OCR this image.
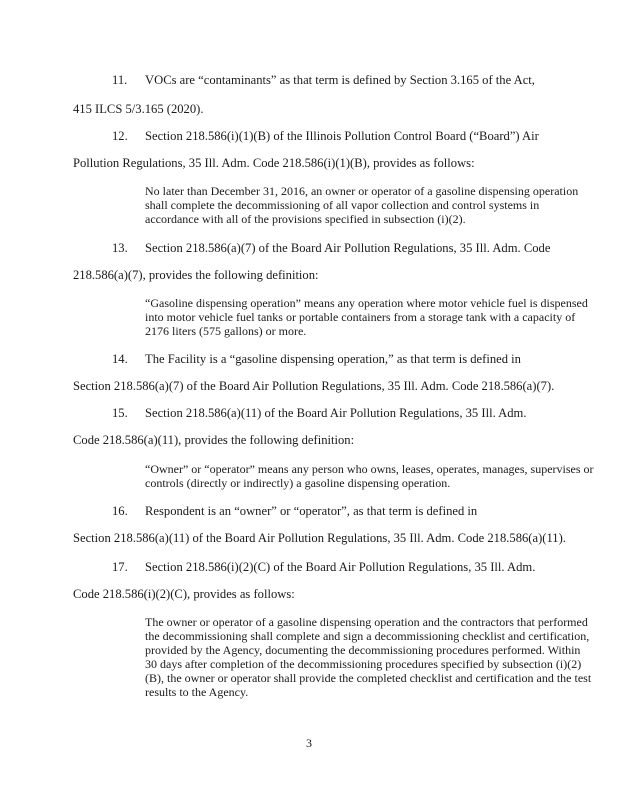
11. VOCs are “contaminants” as that term is defined by Section 3.165 of the Act,
415 ILCS 5/3.165 (2020).
12. Section 218.586(i)(1)(B) of the Illinois Pollution Control Board (“Board”) Air
Pollution Regulations, 35 Ill. Adm. Code 218.586(i)(1)(B), provides as follows:
No later than December 31, 2016, an owner or operator of a gasoline dispensing operation shall complete the decommissioning of all vapor collection and control systems in accordance with all of the provisions specified in subsection (i)(2).
13. Section 218.586(a)(7) of the Board Air Pollution Regulations, 35 Ill. Adm. Code
218.586(a)(7), provides the following definition:
“Gasoline dispensing operation” means any operation where motor vehicle fuel is dispensed into motor vehicle fuel tanks or portable containers from a storage tank with a capacity of 2176 liters (575 gallons) or more.
14. The Facility is a “gasoline dispensing operation,” as that term is defined in
Section 218.586(a)(7) of the Board Air Pollution Regulations, 35 Ill. Adm. Code 218.586(a)(7).
15. Section 218.586(a)(11) of the Board Air Pollution Regulations, 35 Ill. Adm.
Code 218.586(a)(11), provides the following definition:
“Owner” or “operator” means any person who owns, leases, operates, manages, supervises or controls (directly or indirectly) a gasoline dispensing operation.
16. Respondent is an “owner” or “operator”, as that term is defined in
Section 218.586(a)(11) of the Board Air Pollution Regulations, 35 Ill. Adm. Code 218.586(a)(11).
17. Section 218.586(i)(2)(C) of the Board Air Pollution Regulations, 35 Ill. Adm.
Code 218.586(i)(2)(C), provides as follows:
The owner or operator of a gasoline dispensing operation and the contractors that performed the decommissioning shall complete and sign a decommissioning checklist and certification, provided by the Agency, documenting the decommissioning procedures performed. Within 30 days after completion of the decommissioning procedures specified by subsection (i)(2)(B), the owner or operator shall provide the completed checklist and certification and the test results to the Agency.
3
